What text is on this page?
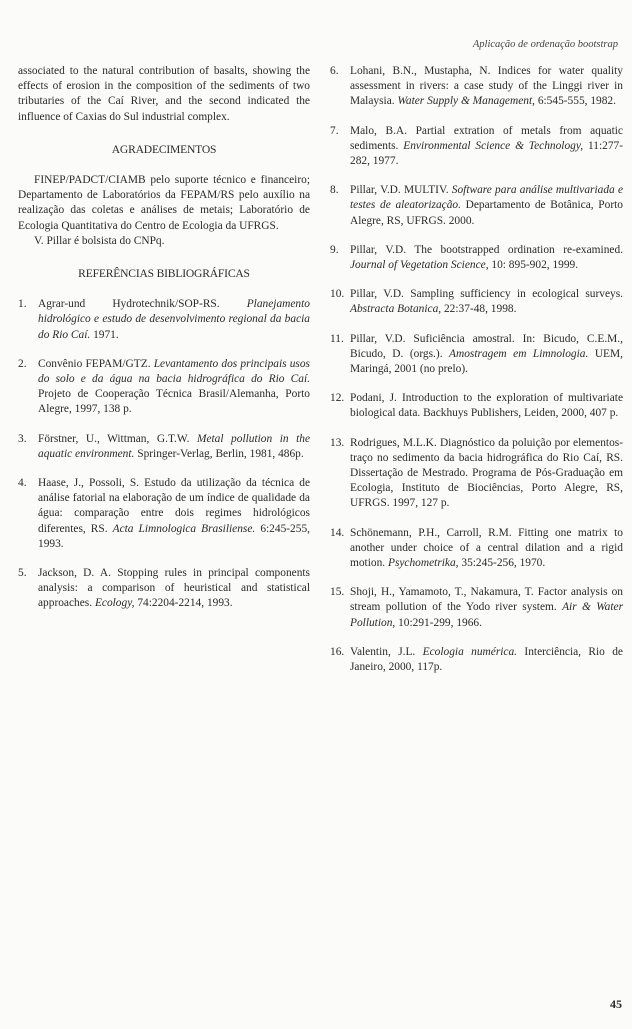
Aplicação de ordenação bootstrap

associated to the natural contribution of basalts, showing the effects of erosion in the composition of the sediments of two tributaries of the Caí River, and the second indicated the influence of Caxias do Sul industrial complex.

AGRADECIMENTOS

FINEP/PADCT/CIAMB pelo suporte técnico e financeiro; Departamento de Laboratórios da FEPAM/RS pelo auxílio na realização das coletas e análises de metais; Laboratório de Ecologia Quantitativa do Centro de Ecologia da UFRGS.

V. Pillar é bolsista do CNPq.

REFERÊNCIAS BIBLIOGRÁFICAS
1.	Agrar-und Hydrotechnik/SOP-RS. Planejamento hidrológico e estudo de desenvolvimento regional da bacia do Rio Caí. 1971.
2.	Convênio FEPAM/GTZ. Levantamento dos principais usos do solo e da água na bacia hidrográfica do Rio Caí. Projeto de Cooperação Técnica Brasil/Alemanha, Porto Alegre, 1997, 138 p.
3.	Förstner, U., Wittman, G.T.W. Metal pollution in the aquatic environment. Springer-Verlag, Berlin, 1981, 486p.
4.	Haase, J., Possoli, S. Estudo da utilização da técnica de análise fatorial na elaboração de um índice de qualidade da água: comparação entre dois regimes hidrológicos diferentes, RS. Acta Limnologica Brasiliense. 6:245-255, 1993.
5.	Jackson, D. A. Stopping rules in principal components analysis: a comparison of heuristical and statistical approaches. Ecology, 74:2204-2214, 1993.
6.	Lohani, B.N., Mustapha, N. Indices for water quality assessment in rivers: a case study of the Linggi river in Malaysia. Water Supply & Management, 6:545-555, 1982.
7.	Malo, B.A. Partial extration of metals from aquatic sediments. Environmental Science & Technology, 11:277-282, 1977.
8.	Pillar, V.D. MULTIV. Software para análise multivariada e testes de aleatorização. Departamento de Botânica, Porto Alegre, RS, UFRGS. 2000.
9.	Pillar, V.D. The bootstrapped ordination re-examined. Journal of Vegetation Science, 10: 895-902, 1999.
10. Pillar, V.D. Sampling sufficiency in ecological surveys. Abstracta Botanica, 22:37-48, 1998.
11. Pillar, V.D. Suficiência amostral. In: Bicudo, C.E.M., Bicudo, D. (orgs.). Amostragem em Limnologia. UEM, Maringá, 2001 (no prelo).
12. Podani, J. Introduction to the exploration of multivariate biological data. Backhuys Publishers, Leiden, 2000, 407 p.
13. Rodrigues, M.L.K. Diagnóstico da poluição por elementos-traço no sedimento da bacia hidrográfica do Rio Caí, RS. Dissertação de Mestrado. Programa de Pós-Graduação em Ecologia, Instituto de Biociências, Porto Alegre, RS, UFRGS. 1997, 127 p.
14. Schönemann, P.H., Carroll, R.M. Fitting one matrix to another under choice of a central dilation and a rigid motion. Psychometrika, 35:245-256, 1970.
15. Shoji, H., Yamamoto, T., Nakamura, T. Factor analysis on stream pollution of the Yodo river system. Air & Water Pollution, 10:291-299, 1966.
16. Valentin, J.L. Ecologia numérica. Interciência, Rio de Janeiro, 2000, 117p.
45
